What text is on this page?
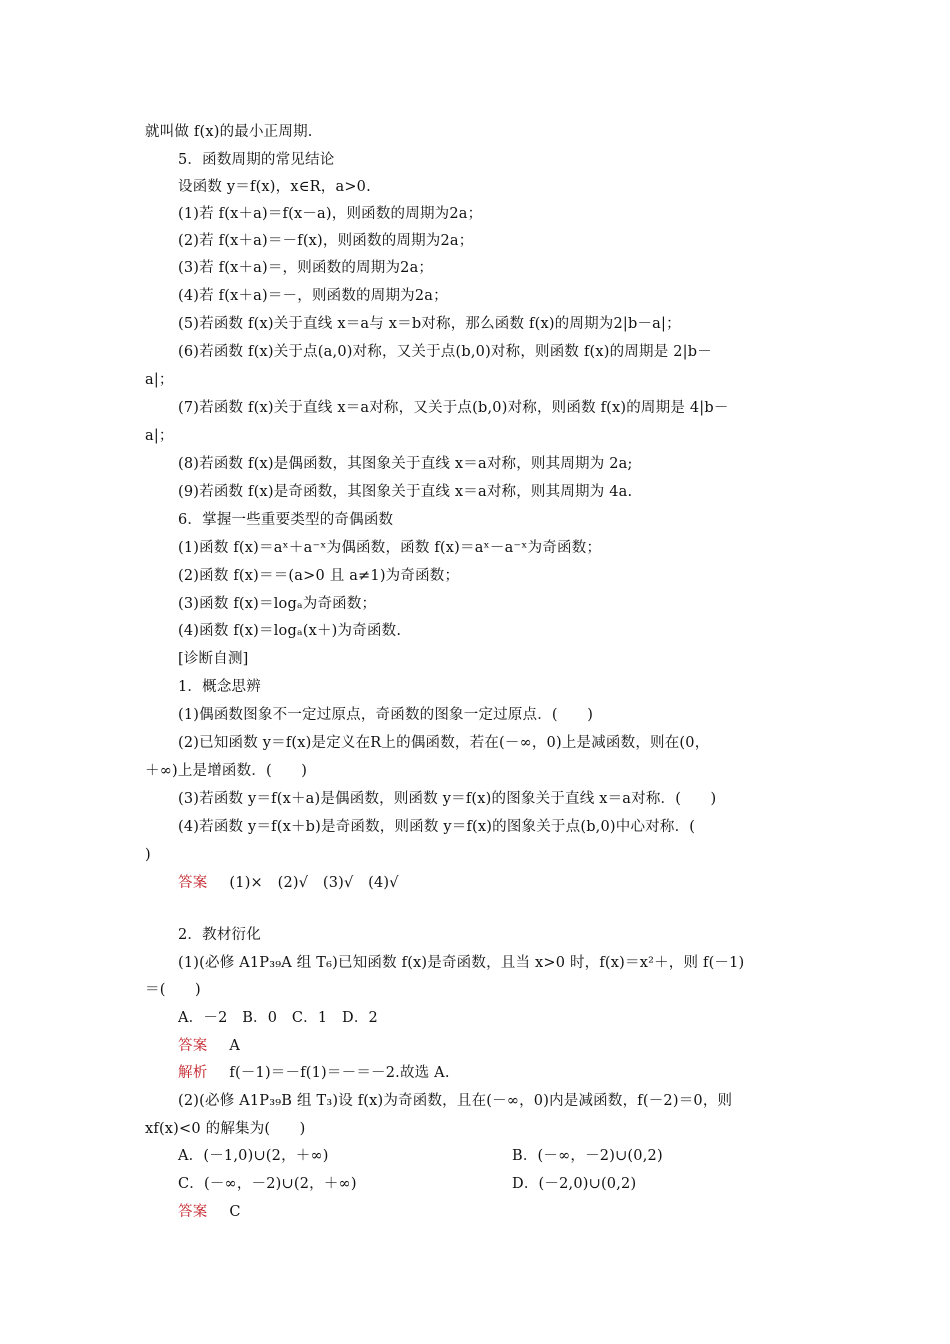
就叫做 f(x)的最小正周期.
5．函数周期的常见结论
设函数 y＝f(x)，x∈R，a>0.
(1)若 f(x＋a)＝f(x－a)，则函数的周期为2a；
(2)若 f(x＋a)＝－f(x)，则函数的周期为2a；
(3)若 f(x＋a)＝，则函数的周期为2a；
(4)若 f(x＋a)＝－，则函数的周期为2a；
(5)若函数 f(x)关于直线 x＝a与 x＝b对称，那么函数 f(x)的周期为2|b－a|；
(6)若函数 f(x)关于点(a,0)对称，又关于点(b,0)对称，则函数 f(x)的周期是 2|b－
a|；
(7)若函数 f(x)关于直线 x＝a对称，又关于点(b,0)对称，则函数 f(x)的周期是 4|b－
a|；
(8)若函数 f(x)是偶函数，其图象关于直线 x＝a对称，则其周期为 2a;
(9)若函数 f(x)是奇函数，其图象关于直线 x＝a对称，则其周期为 4a.
6．掌握一些重要类型的奇偶函数
(1)函数 f(x)＝aˣ＋a⁻ˣ为偶函数，函数 f(x)＝aˣ－a⁻ˣ为奇函数；
(2)函数 f(x)＝＝(a>0 且 a≠1)为奇函数；
(3)函数 f(x)＝logₐ为奇函数；
(4)函数 f(x)＝logₐ(x＋)为奇函数.
[诊断自测]
1．概念思辨
(1)偶函数图象不一定过原点，奇函数的图象一定过原点．(　　)
(2)已知函数 y＝f(x)是定义在R上的偶函数，若在(－∞，0)上是减函数，则在(0，
＋∞)上是增函数．(　　)
(3)若函数 y＝f(x＋a)是偶函数，则函数 y＝f(x)的图象关于直线 x＝a对称．(　　)
(4)若函数 y＝f(x＋b)是奇函数，则函数 y＝f(x)的图象关于点(b,0)中心对称．(
)
答案 (1)×　(2)√　(3)√　(4)√
2．教材衍化
(1)(必修 A1P₃₉A 组 T₆)已知函数 f(x)是奇函数，且当 x>0 时，f(x)＝x²＋，则 f(－1)
＝(　　)
A．－2　B．0　C．1　D．2
答案 A
解析 f(－1)＝－f(1)＝－＝－2.故选 A.
(2)(必修 A1P₃₉B 组 T₃)设 f(x)为奇函数，且在(－∞，0)内是减函数，f(－2)＝0，则
xf(x)<0 的解集为(　　)
A．(－1,0)∪(2，＋∞)	B．(－∞，－2)∪(0,2)
C．(－∞，－2)∪(2，＋∞)	D．(－2,0)∪(0,2)
答案 C
